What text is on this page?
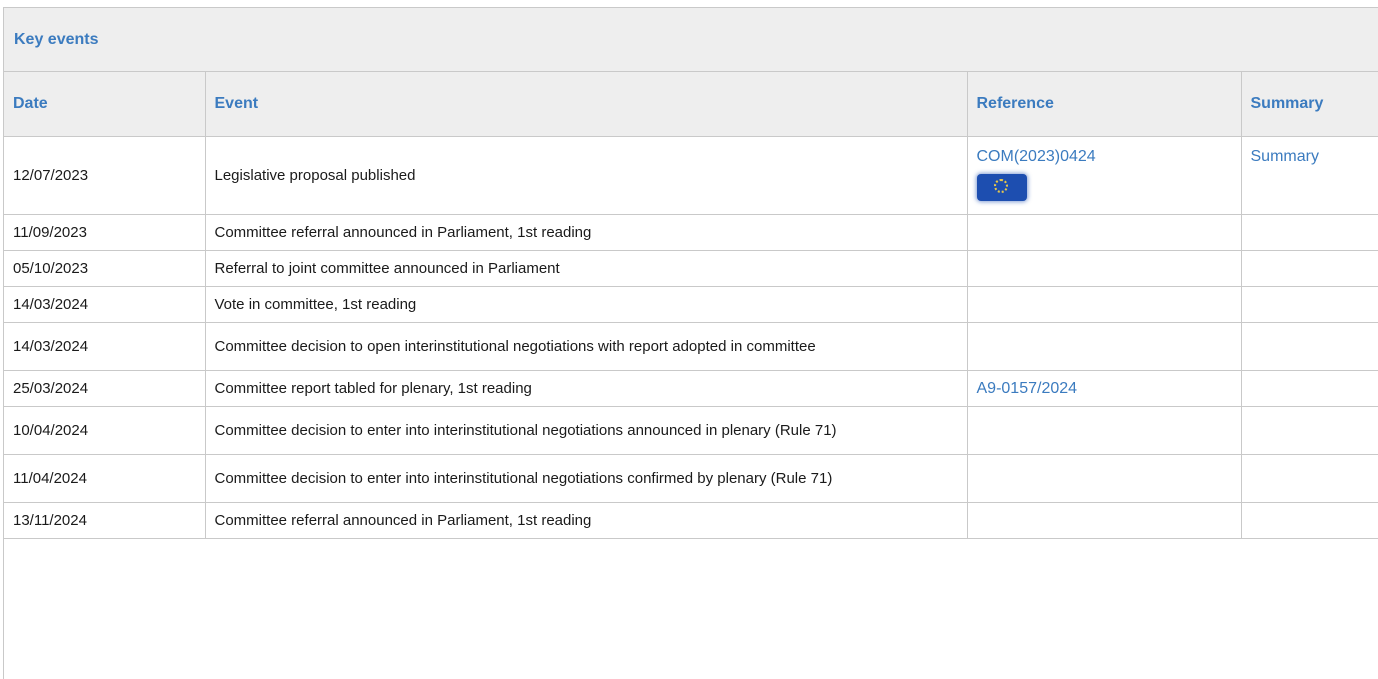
Key events
Date	Event	Reference	Summary
12/07/2023	Legislative proposal published	COM(2023)0424	Summary
11/09/2023	Committee referral announced in Parliament, 1st reading		
05/10/2023	Referral to joint committee announced in Parliament		
14/03/2024	Vote in committee, 1st reading		
14/03/2024	Committee decision to open interinstitutional negotiations with report adopted in committee		
25/03/2024	Committee report tabled for plenary, 1st reading	A9-0157/2024	
10/04/2024	Committee decision to enter into interinstitutional negotiations announced in plenary (Rule 71)		
11/04/2024	Committee decision to enter into interinstitutional negotiations confirmed by plenary (Rule 71)		
13/11/2024	Committee referral announced in Parliament, 1st reading		
